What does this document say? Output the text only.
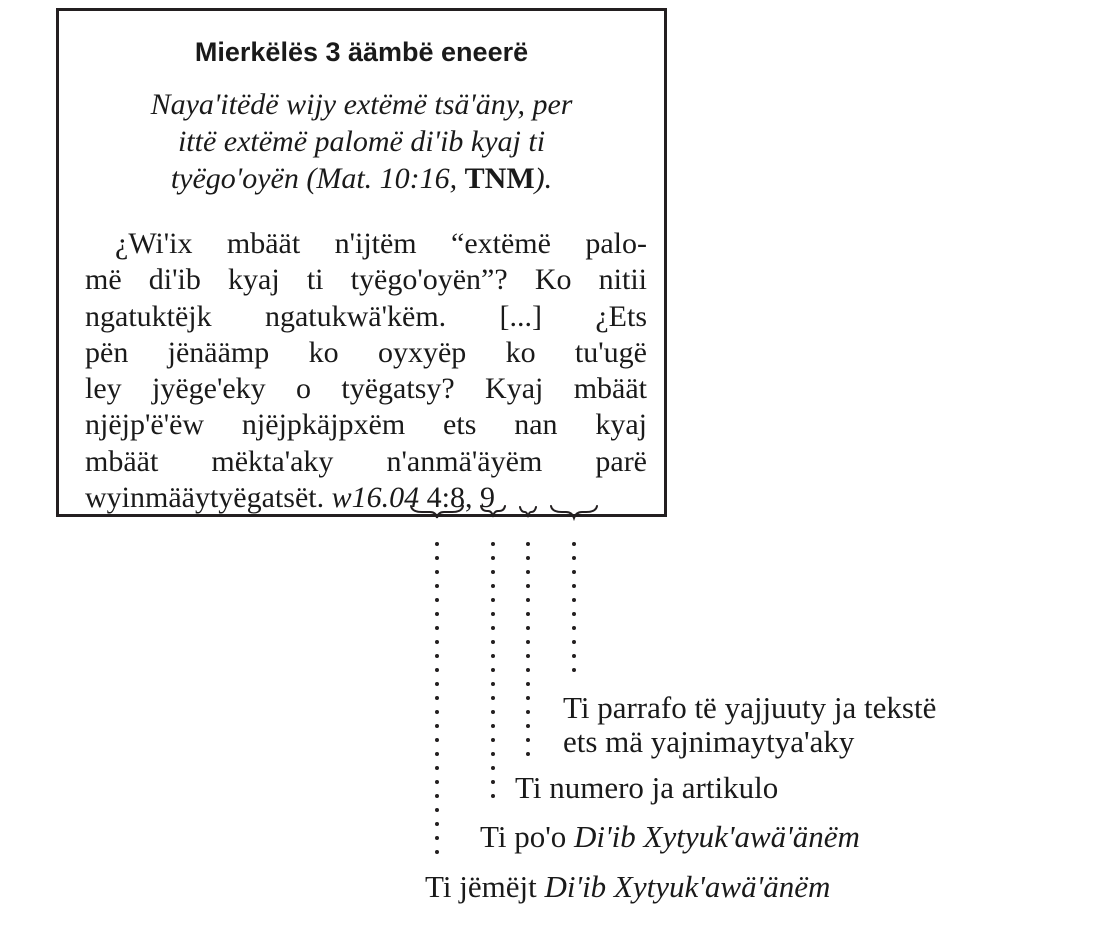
Mierkëlës 3 äämbë eneerë
Naya'itëdë wijy extëmë tsä'äny, per
ittë extëmë palomë di'ib kyaj ti
tyëgo'oyën (Mat. 10:16, TNM).
¿Wi'ix mbäät n'ijtëm “extëmë palo-
më di'ib kyaj ti tyëgo'oyën”? Ko nitii
ngatuktëjk ngatukwä'këm. [...] ¿Ets
pën jënäämp ko oyxyëp ko tu'ugë
ley jyëge'eky o tyëgatsy? Kyaj mbäät
njëjp'ë'ëw njëjpkäjpxëm ets nan kyaj
mbäät mëkta'aky n'anmä'äyëm parë
wyinmääytyëgatsët. w16.04 4:8, 9
Ti parrafo të yajjuuty ja tekstë
ets mä yajnimaytya'aky
Ti numero ja artikulo
Ti po'o Di'ib Xytyuk'awä'änëm
Ti jëmëjt Di'ib Xytyuk'awä'änëm
